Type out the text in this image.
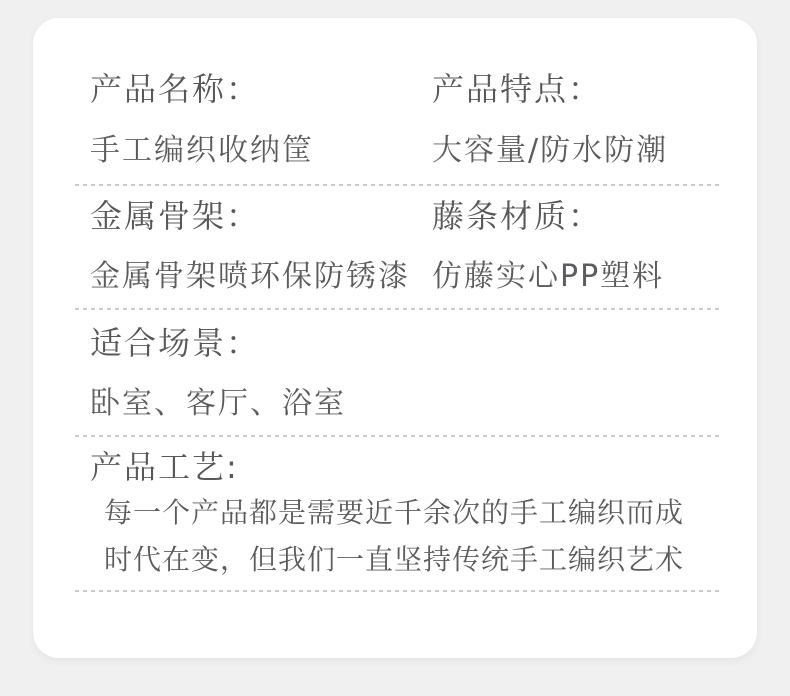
产品名称：
手工编织收纳筐
产品特点：
大容量/防水防潮
金属骨架：
金属骨架喷环保防锈漆
藤条材质：
仿藤实心PP塑料
适合场景：
卧室、客厅、浴室
产品工艺:
每一个产品都是需要近千余次的手工编织而成
时代在变，但我们一直坚持传统手工编织艺术
